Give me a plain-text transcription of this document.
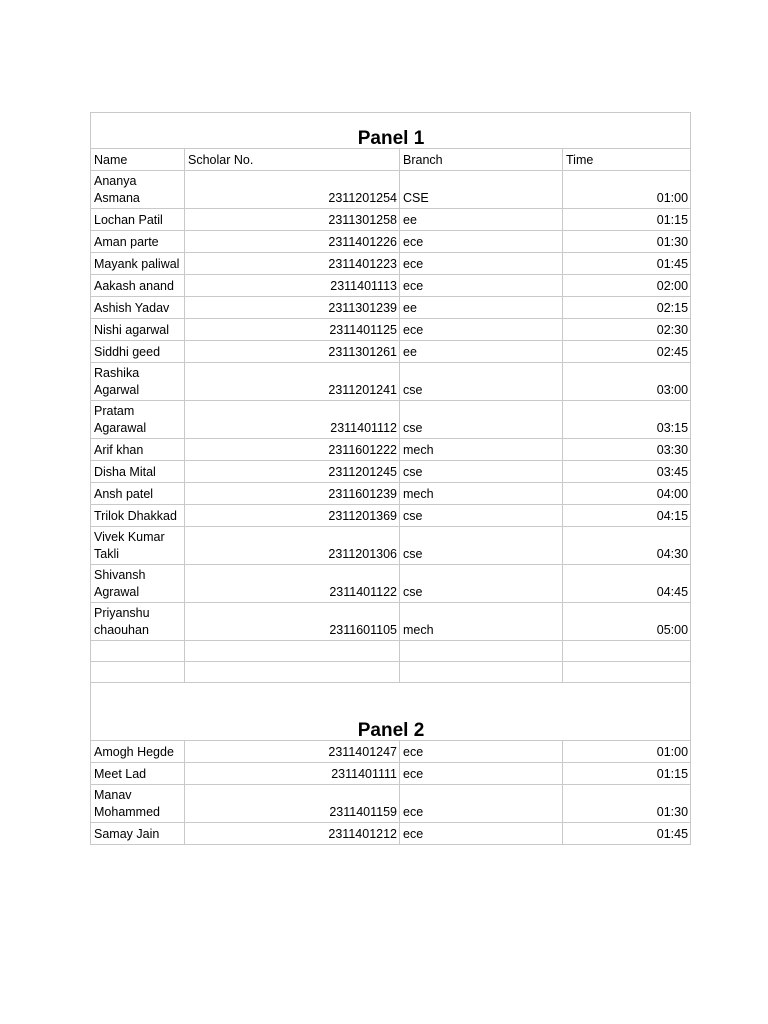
Panel 1			
Name	Scholar No.	Branch	Time
Ananya Asmana	2311201254	CSE	01:00
Lochan Patil	2311301258	ee	01:15
Aman parte	2311401226	ece	01:30
Mayank paliwal	2311401223	ece	01:45
Aakash anand	2311401113	ece	02:00
Ashish Yadav	2311301239	ee	02:15
Nishi agarwal	2311401125	ece	02:30
Siddhi geed	2311301261	ee	02:45
Rashika Agarwal	2311201241	cse	03:00
Pratam Agarawal	2311401112	cse	03:15
Arif khan	2311601222	mech	03:30
Disha Mital	2311201245	cse	03:45
Ansh patel	2311601239	mech	04:00
Trilok Dhakkad	2311201369	cse	04:15
Vivek Kumar Takli	2311201306	cse	04:30
Shivansh Agrawal	2311401122	cse	04:45
Priyanshu chaouhan	2311601105	mech	05:00

Panel 2			
Amogh Hegde	2311401247	ece	01:00
Meet Lad	2311401111	ece	01:15
Manav Mohammed	2311401159	ece	01:30
Samay Jain	2311401212	ece	01:45
